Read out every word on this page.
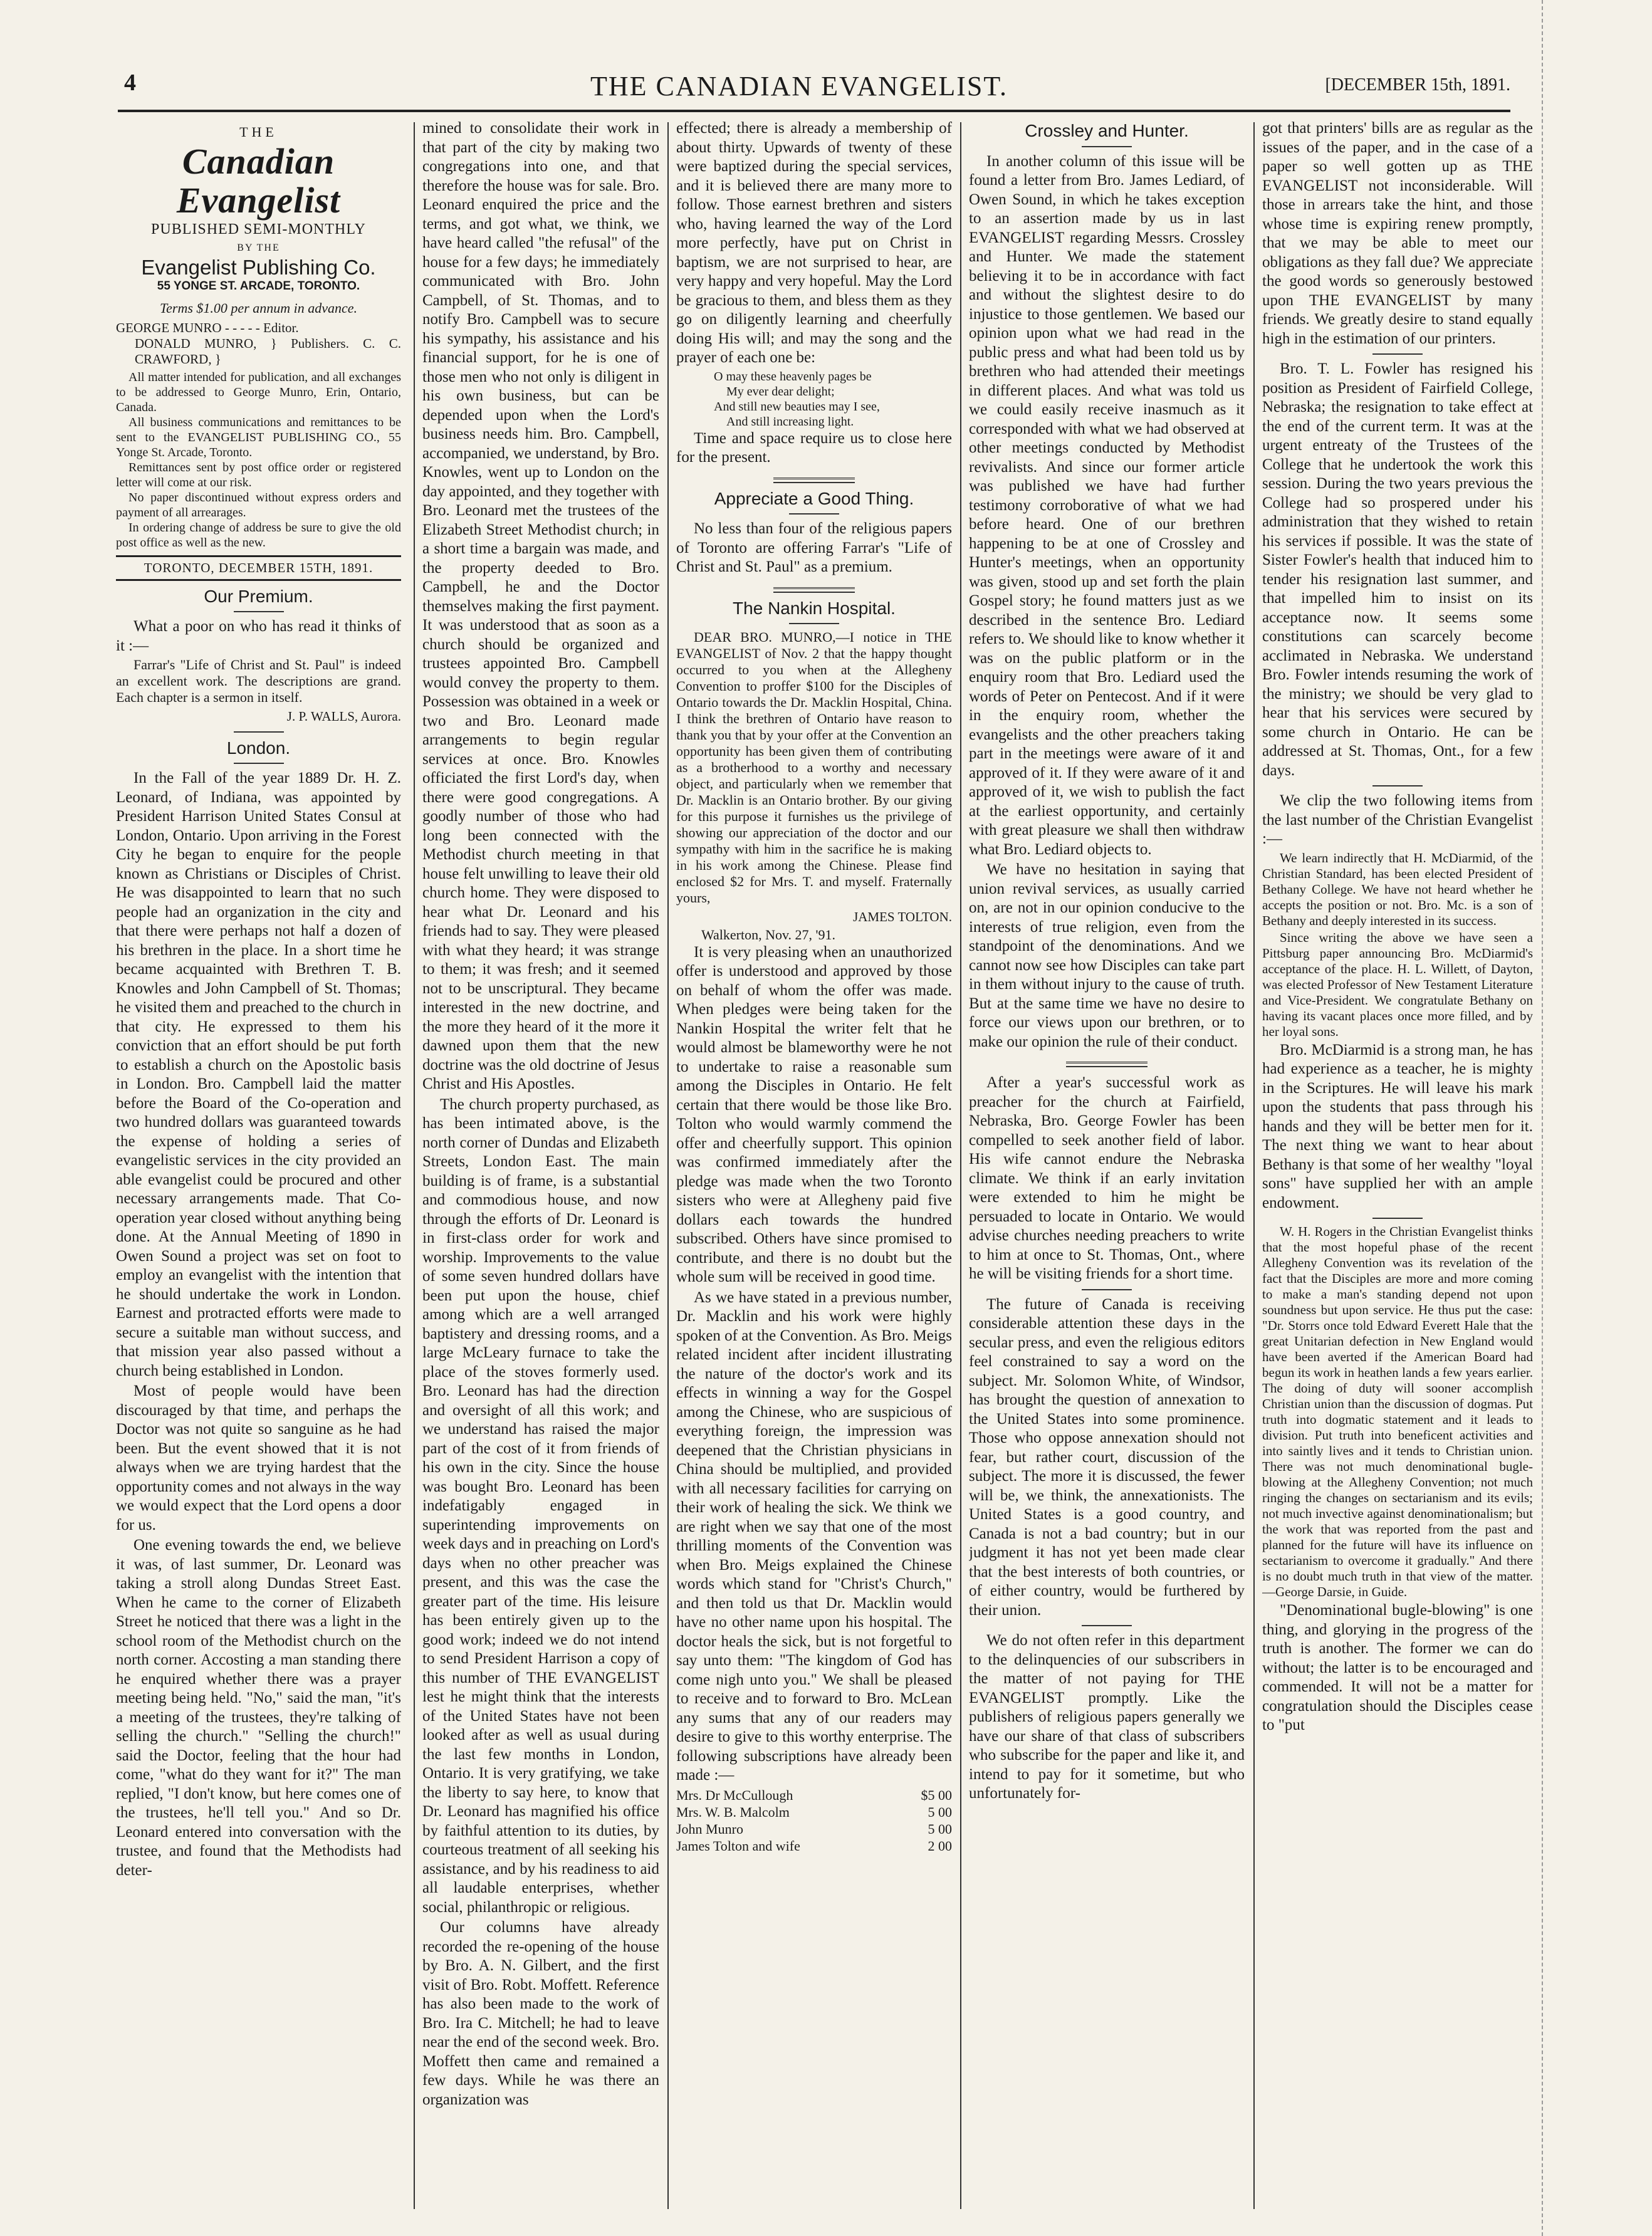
4	THE CANADIAN EVANGELIST.	[DECEMBER 15th, 1891.
THE
Canadian Evangelist
PUBLISHED SEMI-MONTHLY
BY THE
Evangelist Publishing Co.
55 YONGE ST. ARCADE, TORONTO.
Terms $1.00 per annum in advance.
GEORGE MUNRO - - - - - Editor.
DONALD MUNRO, } Publishers. C. C. CRAWFORD, }

All matter intended for publication, and all exchanges to be addressed to George Munro, Erin, Ontario, Canada.

All business communications and remittances to be sent to the EVANGELIST PUBLISHING CO., 55 Yonge St. Arcade, Toronto.

Remittances sent by post office order or registered letter will come at our risk.

No paper discontinued without express orders and payment of all arrearages.

In ordering change of address be sure to give the old post office as well as the new.

TORONTO, DECEMBER 15TH, 1891.
Our Premium.

What a poor on who has read it thinks of it :—

Farrar's "Life of Christ and St. Paul" is indeed an excellent work. The descriptions are grand. Each chapter is a sermon in itself.

J. P. WALLS, Aurora.
London.

In the Fall of the year 1889 Dr. H. Z. Leonard, of Indiana, was appointed by President Harrison United States Consul at London, Ontario. Upon arriving in the Forest City he began to enquire for the people known as Christians or Disciples of Christ. He was disappointed to learn that no such people had an organization in the city and that there were perhaps not half a dozen of his brethren in the place. In a short time he became acquainted with Brethren T. B. Knowles and John Campbell of St. Thomas; he visited them and preached to the church in that city. He expressed to them his conviction that an effort should be put forth to establish a church on the Apostolic basis in London. Bro. Campbell laid the matter before the Board of the Co-operation and two hundred dollars was guaranteed towards the expense of holding a series of evangelistic services in the city provided an able evangelist could be procured and other necessary arrangements made. That Co-operation year closed without anything being done. At the Annual Meeting of 1890 in Owen Sound a project was set on foot to employ an evangelist with the intention that he should undertake the work in London. Earnest and protracted efforts were made to secure a suitable man without success, and that mission year also passed without a church being established in London.

Most of people would have been discouraged by that time, and perhaps the Doctor was not quite so sanguine as he had been. But the event showed that it is not always when we are trying hardest that the opportunity comes and not always in the way we would expect that the Lord opens a door for us.

One evening towards the end, we believe it was, of last summer, Dr. Leonard was taking a stroll along Dundas Street East. When he came to the corner of Elizabeth Street he noticed that there was a light in the school room of the Methodist church on the north corner. Accosting a man standing there he enquired whether there was a prayer meeting being held. "No," said the man, "it's a meeting of the trustees, they're talking of selling the church." "Selling the church!" said the Doctor, feeling that the hour had come, "what do they want for it?" The man replied, "I don't know, but here comes one of the trustees, he'll tell you." And so Dr. Leonard entered into conversation with the trustee, and found that the Methodists had deter-

mined to consolidate their work in that part of the city by making two congregations into one, and that therefore the house was for sale. Bro. Leonard enquired the price and the terms, and got what, we think, we have heard called "the refusal" of the house for a few days; he immediately communicated with Bro. John Campbell, of St. Thomas, and to notify Bro. Campbell was to secure his sympathy, his assistance and his financial support, for he is one of those men who not only is diligent in his own business, but can be depended upon when the Lord's business needs him. Bro. Campbell, accompanied, we understand, by Bro. Knowles, went up to London on the day appointed, and they together with Bro. Leonard met the trustees of the Elizabeth Street Methodist church; in a short time a bargain was made, and the property deeded to Bro. Campbell, he and the Doctor themselves making the first payment. It was understood that as soon as a church should be organized and trustees appointed Bro. Campbell would convey the property to them. Possession was obtained in a week or two and Bro. Leonard made arrangements to begin regular services at once. Bro. Knowles officiated the first Lord's day, when there were good congregations. A goodly number of those who had long been connected with the Methodist church meeting in that house felt unwilling to leave their old church home. They were disposed to hear what Dr. Leonard and his friends had to say. They were pleased with what they heard; it was strange to them; it was fresh; and it seemed not to be unscriptural. They became interested in the new doctrine, and the more they heard of it the more it dawned upon them that the new doctrine was the old doctrine of Jesus Christ and His Apostles.

The church property purchased, as has been intimated above, is the north corner of Dundas and Elizabeth Streets, London East. The main building is of frame, is a substantial and commodious house, and now through the efforts of Dr. Leonard is in first-class order for work and worship. Improvements to the value of some seven hundred dollars have been put upon the house, chief among which are a well arranged baptistery and dressing rooms, and a large McLeary furnace to take the place of the stoves formerly used. Bro. Leonard has had the direction and oversight of all this work; and we understand has raised the major part of the cost of it from friends of his own in the city. Since the house was bought Bro. Leonard has been indefatigably engaged in superintending improvements on week days and in preaching on Lord's days when no other preacher was present, and this was the case the greater part of the time. His leisure has been entirely given up to the good work; indeed we do not intend to send President Harrison a copy of this number of THE EVANGELIST lest he might think that the interests of the United States have not been looked after as well as usual during the last few months in London, Ontario. It is very gratifying, we take the liberty to say here, to know that Dr. Leonard has magnified his office by faithful attention to its duties, by courteous treatment of all seeking his assistance, and by his readiness to aid all laudable enterprises, whether social, philanthropic or religious.

Our columns have already recorded the re-opening of the house by Bro. A. N. Gilbert, and the first visit of Bro. Robt. Moffett. Reference has also been made to the work of Bro. Ira C. Mitchell; he had to leave near the end of the second week. Bro. Moffett then came and remained a few days. While he was there an organization was

effected; there is already a membership of about thirty. Upwards of twenty of these were baptized during the special services, and it is believed there are many more to follow. Those earnest brethren and sisters who, having learned the way of the Lord more perfectly, have put on Christ in baptism, we are not surprised to hear, are very happy and very hopeful. May the Lord be gracious to them, and bless them as they go on diligently learning and cheerfully doing His will; and may the song and the prayer of each one be:

O may these heavenly pages be
My ever dear delight;
And still new beauties may I see,
And still increasing light.

Time and space require us to close here for the present.

Appreciate a Good Thing.

No less than four of the religious papers of Toronto are offering Farrar's "Life of Christ and St. Paul" as a premium.

The Nankin Hospital.

DEAR BRO. MUNRO,—I notice in THE EVANGELIST of Nov. 2 that the happy thought occurred to you when at the Allegheny Convention to proffer $100 for the Disciples of Ontario towards the Dr. Macklin Hospital, China. I think the brethren of Ontario have reason to thank you that by your offer at the Convention an opportunity has been given them of contributing as a brotherhood to a worthy and necessary object, and particularly when we remember that Dr. Macklin is an Ontario brother. By our giving for this purpose it furnishes us the privilege of showing our appreciation of the doctor and our sympathy with him in the sacrifice he is making in his work among the Chinese. Please find enclosed $2 for Mrs. T. and myself. Fraternally yours,

JAMES TOLTON.
Walkerton, Nov. 27, '91.

It is very pleasing when an unauthorized offer is understood and approved by those on behalf of whom the offer was made. When pledges were being taken for the Nankin Hospital the writer felt that he would almost be blameworthy were he not to undertake to raise a reasonable sum among the Disciples in Ontario. He felt certain that there would be those like Bro. Tolton who would warmly commend the offer and cheerfully support. This opinion was confirmed immediately after the pledge was made when the two Toronto sisters who were at Allegheny paid five dollars each towards the hundred subscribed. Others have since promised to contribute, and there is no doubt but the whole sum will be received in good time.

As we have stated in a previous number, Dr. Macklin and his work were highly spoken of at the Convention. As Bro. Meigs related incident after incident illustrating the nature of the doctor's work and its effects in winning a way for the Gospel among the Chinese, who are suspicious of everything foreign, the impression was deepened that the Christian physicians in China should be multiplied, and provided with all necessary facilities for carrying on their work of healing the sick. We think we are right when we say that one of the most thrilling moments of the Convention was when Bro. Meigs explained the Chinese words which stand for "Christ's Church," and then told us that Dr. Macklin would have no other name upon his hospital. The doctor heals the sick, but is not forgetful to say unto them: "The kingdom of God has come nigh unto you." We shall be pleased to receive and to forward to Bro. McLean any sums that any of our readers may desire to give to this worthy enterprise. The following subscriptions have already been made :—

Mrs. Dr McCullough	$5 00
Mrs. W. B. Malcolm	5 00
John Munro	5 00
James Tolton and wife	2 00
Crossley and Hunter.

In another column of this issue will be found a letter from Bro. James Lediard, of Owen Sound, in which he takes exception to an assertion made by us in last EVANGELIST regarding Messrs. Crossley and Hunter. We made the statement believing it to be in accordance with fact and without the slightest desire to do injustice to those gentlemen. We based our opinion upon what we had read in the public press and what had been told us by brethren who had attended their meetings in different places. And what was told us we could easily receive inasmuch as it corresponded with what we had observed at other meetings conducted by Methodist revivalists. And since our former article was published we have had further testimony corroborative of what we had before heard. One of our brethren happening to be at one of Crossley and Hunter's meetings, when an opportunity was given, stood up and set forth the plain Gospel story; he found matters just as we described in the sentence Bro. Lediard refers to. We should like to know whether it was on the public platform or in the enquiry room that Bro. Lediard used the words of Peter on Pentecost. And if it were in the enquiry room, whether the evangelists and the other preachers taking part in the meetings were aware of it and approved of it. If they were aware of it and approved of it, we wish to publish the fact at the earliest opportunity, and certainly with great pleasure we shall then withdraw what Bro. Lediard objects to.

We have no hesitation in saying that union revival services, as usually carried on, are not in our opinion conducive to the interests of true religion, even from the standpoint of the denominations. And we cannot now see how Disciples can take part in them without injury to the cause of truth. But at the same time we have no desire to force our views upon our brethren, or to make our opinion the rule of their conduct.

After a year's successful work as preacher for the church at Fairfield, Nebraska, Bro. George Fowler has been compelled to seek another field of labor. His wife cannot endure the Nebraska climate. We think if an early invitation were extended to him he might be persuaded to locate in Ontario. We would advise churches needing preachers to write to him at once to St. Thomas, Ont., where he will be visiting friends for a short time.

The future of Canada is receiving considerable attention these days in the secular press, and even the religious editors feel constrained to say a word on the subject. Mr. Solomon White, of Windsor, has brought the question of annexation to the United States into some prominence. Those who oppose annexation should not fear, but rather court, discussion of the subject. The more it is discussed, the fewer will be, we think, the annexationists. The United States is a good country, and Canada is not a bad country; but in our judgment it has not yet been made clear that the best interests of both countries, or of either country, would be furthered by their union.

We do not often refer in this department to the delinquencies of our subscribers in the matter of not paying for THE EVANGELIST promptly. Like the publishers of religious papers generally we have our share of that class of subscribers who subscribe for the paper and like it, and intend to pay for it sometime, but who unfortunately for-

got that printers' bills are as regular as the issues of the paper, and in the case of a paper so well gotten up as THE EVANGELIST not inconsiderable. Will those in arrears take the hint, and those whose time is expiring renew promptly, that we may be able to meet our obligations as they fall due? We appreciate the good words so generously bestowed upon THE EVANGELIST by many friends. We greatly desire to stand equally high in the estimation of our printers.

Bro. T. L. Fowler has resigned his position as President of Fairfield College, Nebraska; the resignation to take effect at the end of the current term. It was at the urgent entreaty of the Trustees of the College that he undertook the work this session. During the two years previous the College had so prospered under his administration that they wished to retain his services if possible. It was the state of Sister Fowler's health that induced him to tender his resignation last summer, and that impelled him to insist on its acceptance now. It seems some constitutions can scarcely become acclimated in Nebraska. We understand Bro. Fowler intends resuming the work of the ministry; we should be very glad to hear that his services were secured by some church in Ontario. He can be addressed at St. Thomas, Ont., for a few days.

We clip the two following items from the last number of the Christian Evangelist :—

We learn indirectly that H. McDiarmid, of the Christian Standard, has been elected President of Bethany College. We have not heard whether he accepts the position or not. Bro. Mc. is a son of Bethany and deeply interested in its success.

Since writing the above we have seen a Pittsburg paper announcing Bro. McDiarmid's acceptance of the place. H. L. Willett, of Dayton, was elected Professor of New Testament Literature and Vice-President. We congratulate Bethany on having its vacant places once more filled, and by her loyal sons.

Bro. McDiarmid is a strong man, he has had experience as a teacher, he is mighty in the Scriptures. He will leave his mark upon the students that pass through his hands and they will be better men for it. The next thing we want to hear about Bethany is that some of her wealthy "loyal sons" have supplied her with an ample endowment.

W. H. Rogers in the Christian Evangelist thinks that the most hopeful phase of the recent Allegheny Convention was its revelation of the fact that the Disciples are more and more coming to make a man's standing depend not upon soundness but upon service. He thus put the case: "Dr. Storrs once told Edward Everett Hale that the great Unitarian defection in New England would have been averted if the American Board had begun its work in heathen lands a few years earlier. The doing of duty will sooner accomplish Christian union than the discussion of dogmas. Put truth into dogmatic statement and it leads to division. Put truth into beneficent activities and into saintly lives and it tends to Christian union. There was not much denominational bugle-blowing at the Allegheny Convention; not much ringing the changes on sectarianism and its evils; not much invective against denominationalism; but the work that was reported from the past and planned for the future will have its influence on sectarianism to overcome it gradually." And there is no doubt much truth in that view of the matter.—George Darsie, in Guide.

"Denominational bugle-blowing" is one thing, and glorying in the progress of the truth is another. The former we can do without; the latter is to be encouraged and commended. It will not be a matter for congratulation should the Disciples cease to "put
